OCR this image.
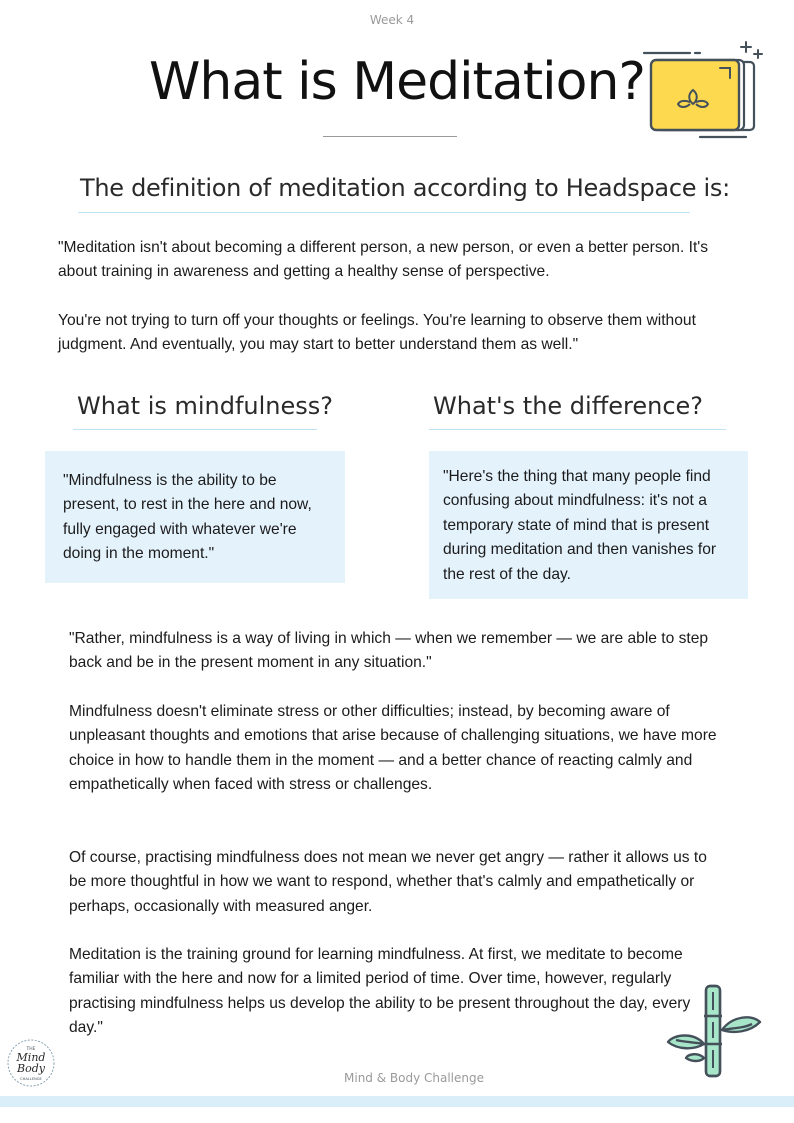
Week 4
What is Meditation?
The definition of meditation according to Headspace is:

"Meditation isn't about becoming a different person, a new person, or even a better person. It's about training in awareness and getting a healthy sense of perspective.

You're not trying to turn off your thoughts or feelings. You're learning to observe them without judgment. And eventually, you may start to better understand them as well."

What is mindfulness?	What's the difference?

"Mindfulness is the ability to be present, to rest in the here and now, fully engaged with whatever we're doing in the moment."

"Here's the thing that many people find confusing about mindfulness: it's not a temporary state of mind that is present during meditation and then vanishes for the rest of the day.

"Rather, mindfulness is a way of living in which — when we remember — we are able to step back and be in the present moment in any situation."

Mindfulness doesn't eliminate stress or other difficulties; instead, by becoming aware of unpleasant thoughts and emotions that arise because of challenging situations, we have more choice in how to handle them in the moment — and a better chance of reacting calmly and empathetically when faced with stress or challenges.

Of course, practising mindfulness does not mean we never get angry — rather it allows us to be more thoughtful in how we want to respond, whether that's calmly and empathetically or perhaps, occasionally with measured anger.

Meditation is the training ground for learning mindfulness. At first, we meditate to become familiar with the here and now for a limited period of time. Over time, however, regularly practising mindfulness helps us develop the ability to be present throughout the day, every day."

THE
Mind
Body
CHALLENGE	Mind & Body Challenge
